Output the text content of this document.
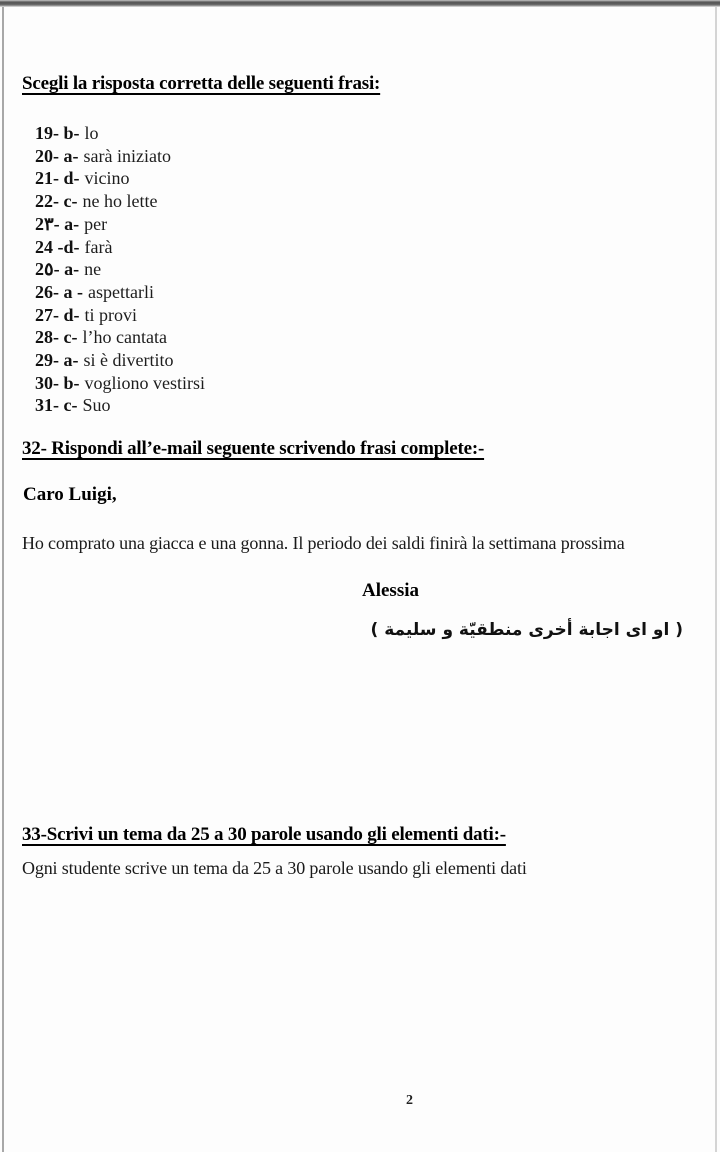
Scegli la risposta corretta delle seguenti frasi:
19- b- lo
20- a- sarà iniziato
21- d- vicino
22- c- ne ho lette
2٣- a- per
24 -d- farà
2٥- a- ne
26- a - aspettarli
27- d- ti provi
28- c- l’ho cantata
29- a- si è divertito
30- b- vogliono vestirsi
31- c- Suo
32- Rispondi all’e-mail seguente scrivendo frasi complete:-
Caro Luigi,
Ho comprato una giacca e una gonna. Il periodo dei saldi finirà la settimana prossima
Alessia
( او اى اجابة أخرى منطقيّة و سليمة )
33-Scrivi un tema da 25 a 30 parole usando gli elementi dati:-
Ogni studente scrive un tema da 25 a 30 parole usando gli elementi dati
2
